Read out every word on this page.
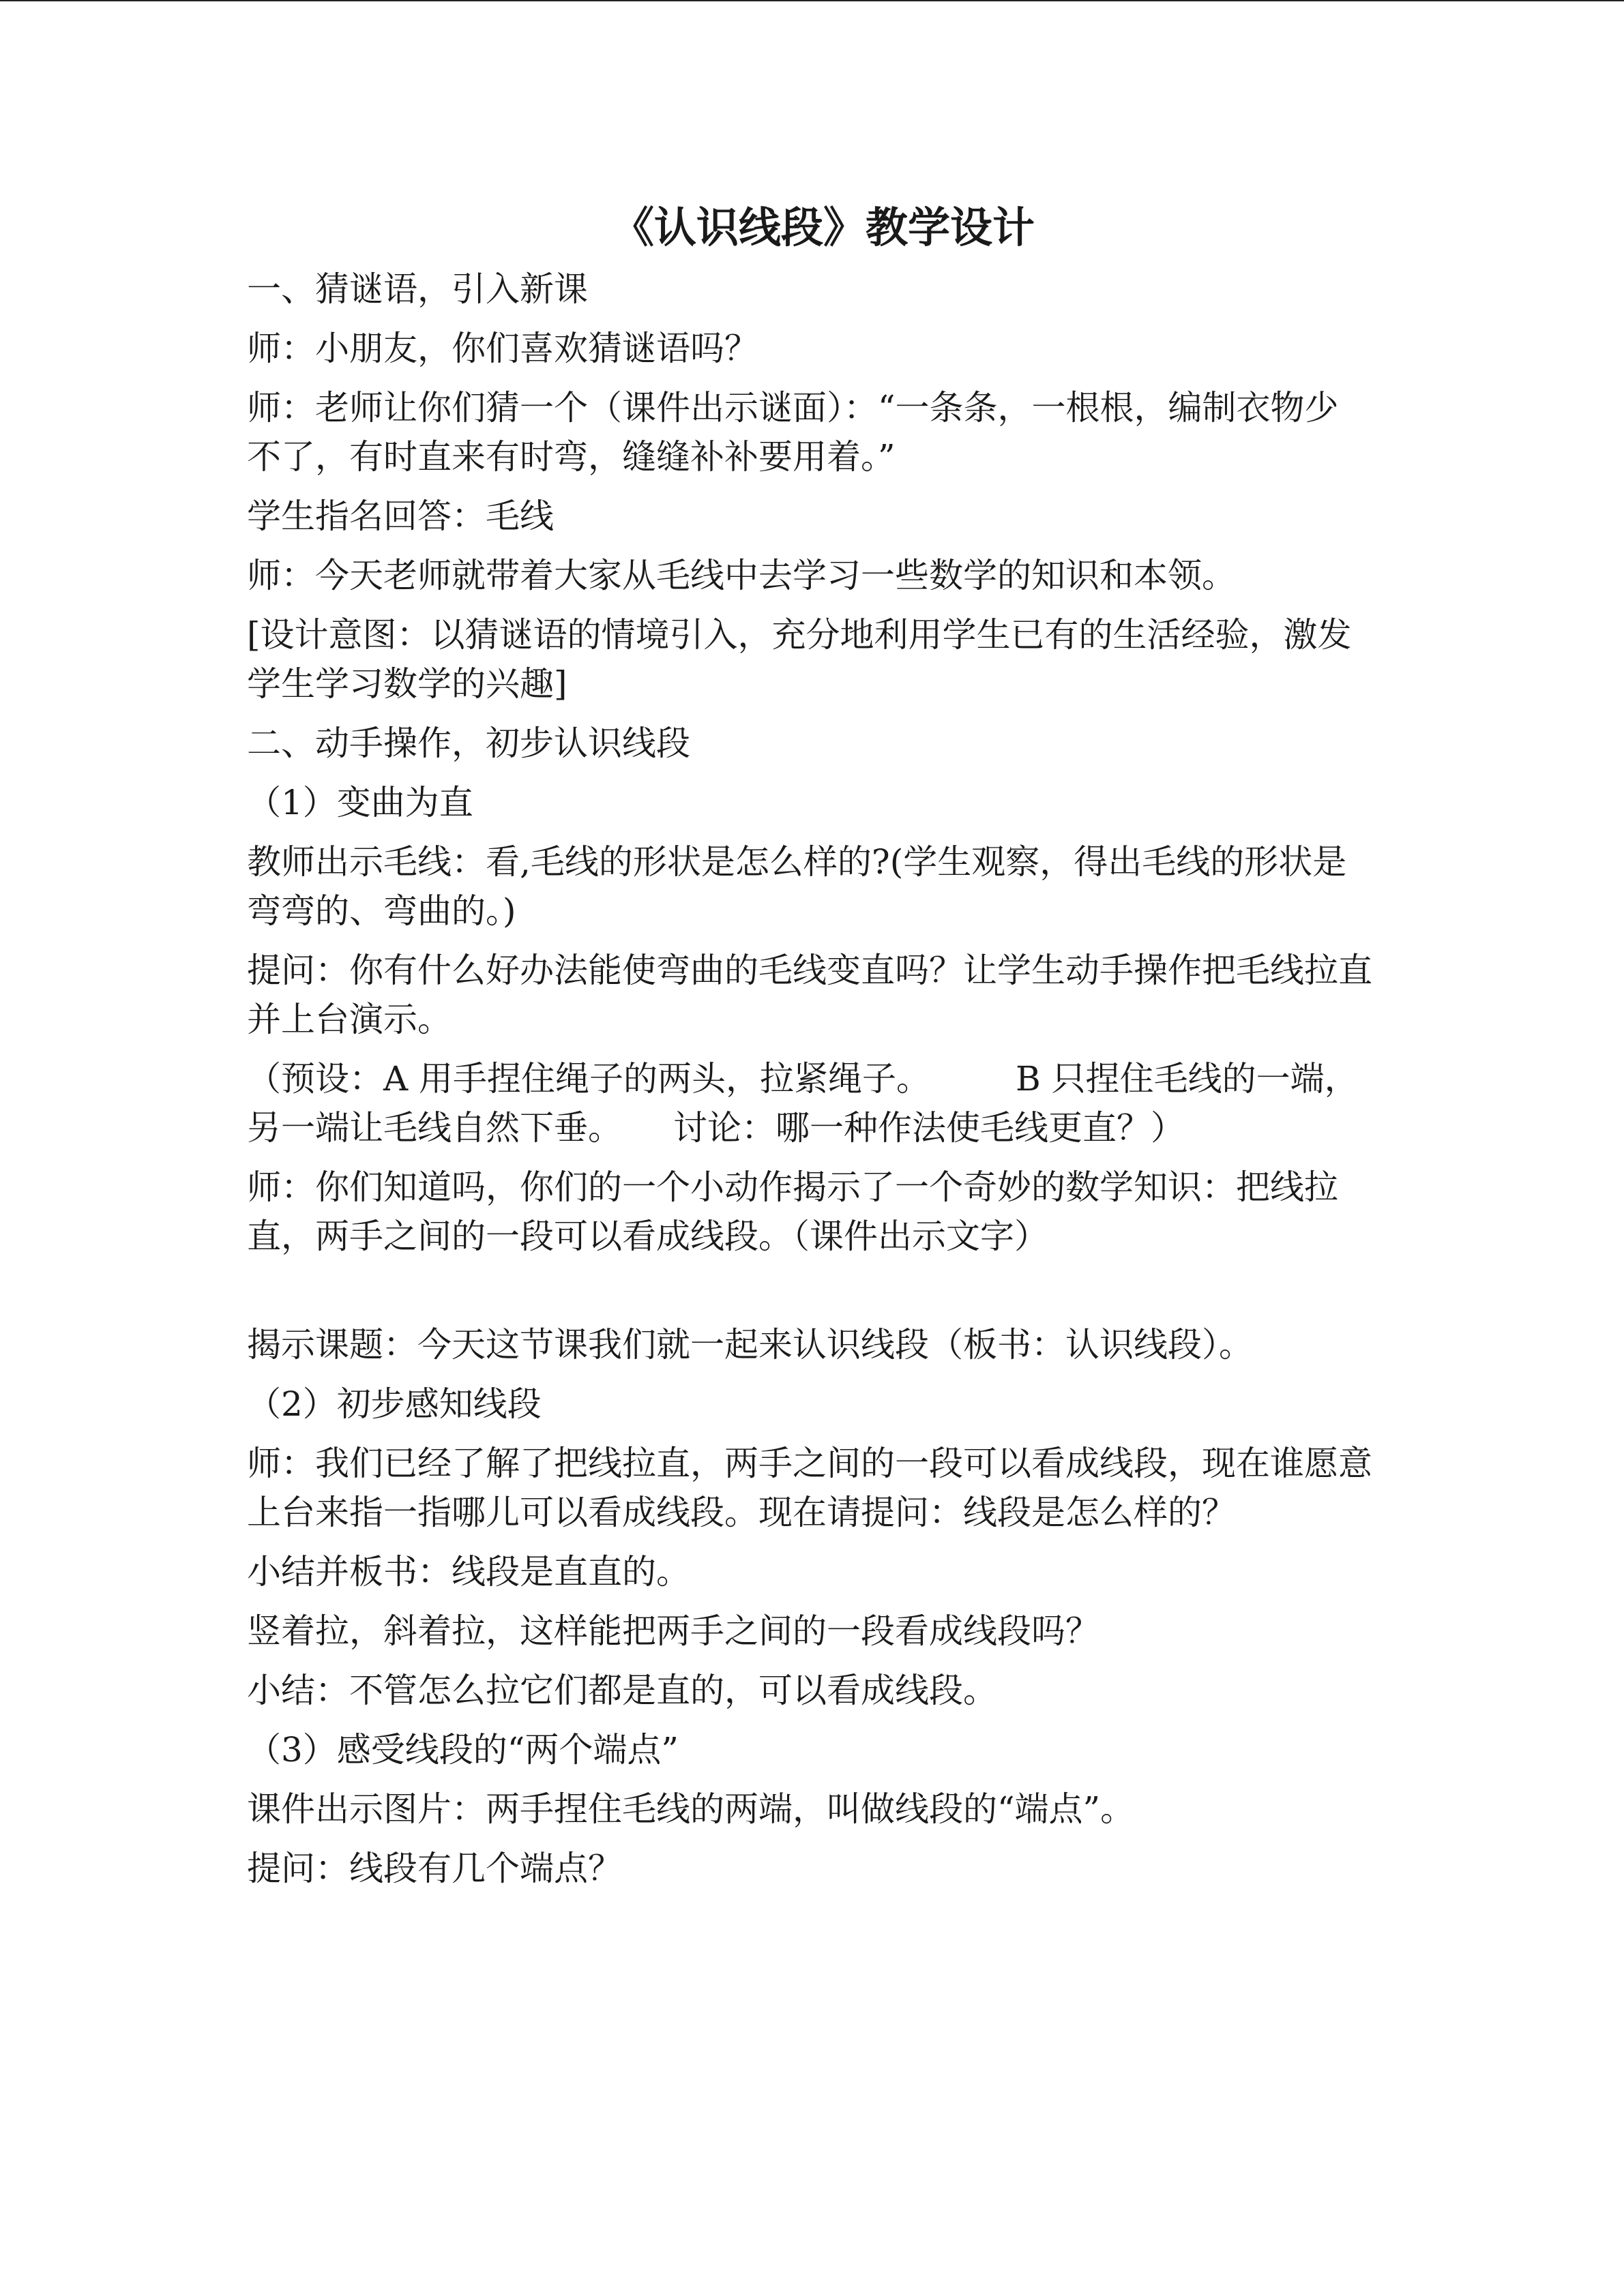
《认识线段》教学设计
一、猜谜语，引入新课
师：小朋友，你们喜欢猜谜语吗？
师：老师让你们猜一个（课件出示谜面）：“一条条，一根根，编制衣物少不了，有时直来有时弯，缝缝补补要用着。”
学生指名回答：毛线
师：今天老师就带着大家从毛线中去学习一些数学的知识和本领。
[设计意图：以猜谜语的情境引入，充分地利用学生已有的生活经验，激发学生学习数学的兴趣]
二、动手操作，初步认识线段
（1）变曲为直
教师出示毛线：看,毛线的形状是怎么样的?(学生观察，得出毛线的形状是弯弯的、弯曲的。)
提问：你有什么好办法能使弯曲的毛线变直吗？让学生动手操作把毛线拉直并上台演示。
（预设：A 用手捏住绳子的两头，拉紧绳子。　　　B 只捏住毛线的一端，另一端让毛线自然下垂。　　讨论：哪一种作法使毛线更直？）
师：你们知道吗，你们的一个小动作揭示了一个奇妙的数学知识：把线拉直，两手之间的一段可以看成线段。（课件出示文字）
揭示课题：今天这节课我们就一起来认识线段（板书：认识线段）。
（2）初步感知线段
师：我们已经了解了把线拉直，两手之间的一段可以看成线段，现在谁愿意上台来指一指哪儿可以看成线段。现在请提问：线段是怎么样的？
小结并板书：线段是直直的。
竖着拉，斜着拉，这样能把两手之间的一段看成线段吗？
小结：不管怎么拉它们都是直的，可以看成线段。
（3）感受线段的“两个端点”
课件出示图片：两手捏住毛线的两端，叫做线段的“端点”。
提问：线段有几个端点？
